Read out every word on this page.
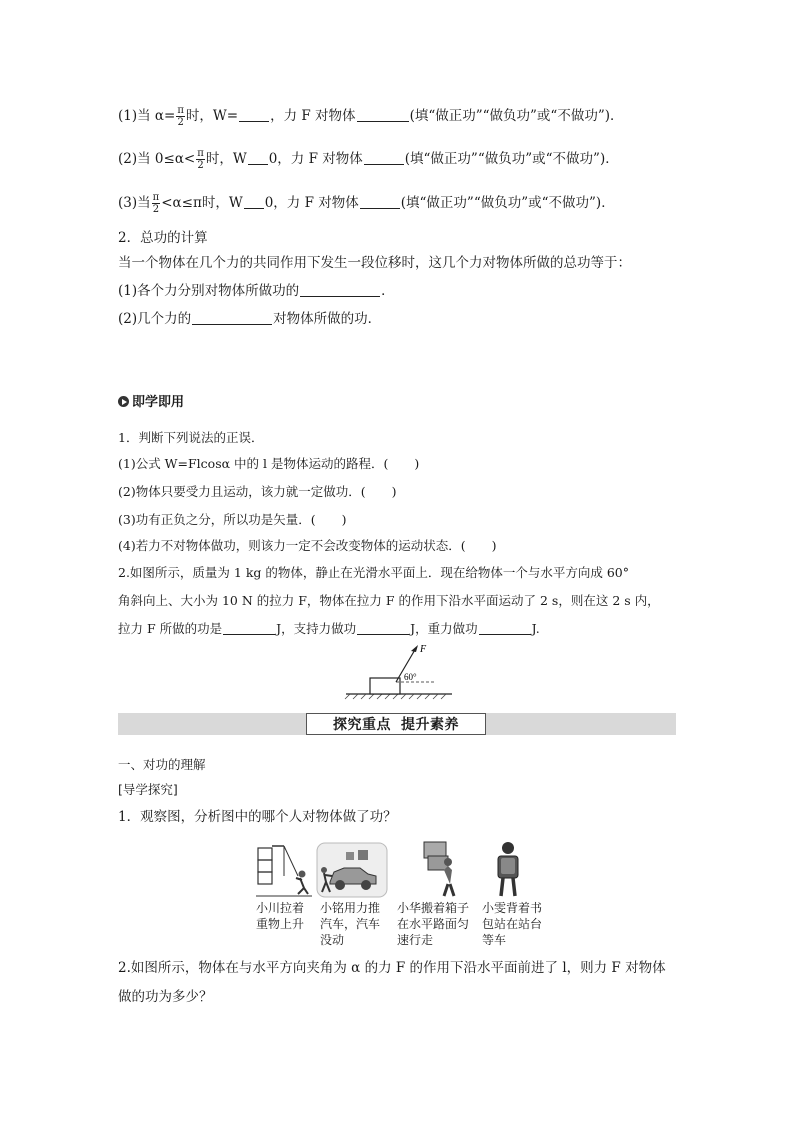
(1)当 $\alpha= \frac{\pi}{2}$ 时，W= ，力 F 对物体	(填“做正功”“做负功”或“不做功”)．
(2)当 $0\le\alpha< \frac{\pi}{2}$ 时，W 0，力 F 对物体	(填“做正功”“做负功”或“不做功”)．
(3)当 $\frac{\pi}{2} <\alpha\le\pi$时，W 0，力 F 对物体	(填“做正功”“做负功”或“不做功”)．
2．总功的计算
当一个物体在几个力的共同作用下发生一段位移时，这几个力对物体所做的总功等于：
(1)各个力分别对物体所做功的	．
(2)几个力的	对物体所做的功．
即学即用
1．判断下列说法的正误．
(1)公式 W=Flcosα 中的 l 是物体运动的路程．( )
(2)物体只要受力且运动，该力就一定做功．( )
(3)功有正负之分，所以功是矢量．( )
(4)若力不对物体做功，则该力一定不会改变物体的运动状态．( )
2.如图所示，质量为 1 kg 的物体，静止在光滑水平面上．现在给物体一个与水平方向成 60°
角斜向上、大小为 10 N 的拉力 F，物体在拉力 F 的作用下沿水平面运动了 2 s，则在这 2 s 内，
拉力 F 所做的功是	J，支持力做功	J，重力做功	J.
F
60°
探究重点 提升素养
一、对功的理解
[导学探究]
1．观察图，分析图中的哪个人对物体做了功？
小川拉着
重物上升
小铭用力推
汽车，汽车
没动
小华搬着箱子
在水平路面匀
速行走
小雯背着书
包站在站台
等车
2.如图所示，物体在与水平方向夹角为 α 的力 F 的作用下沿水平面前进了 l，则力 F 对物体
做的功为多少？
